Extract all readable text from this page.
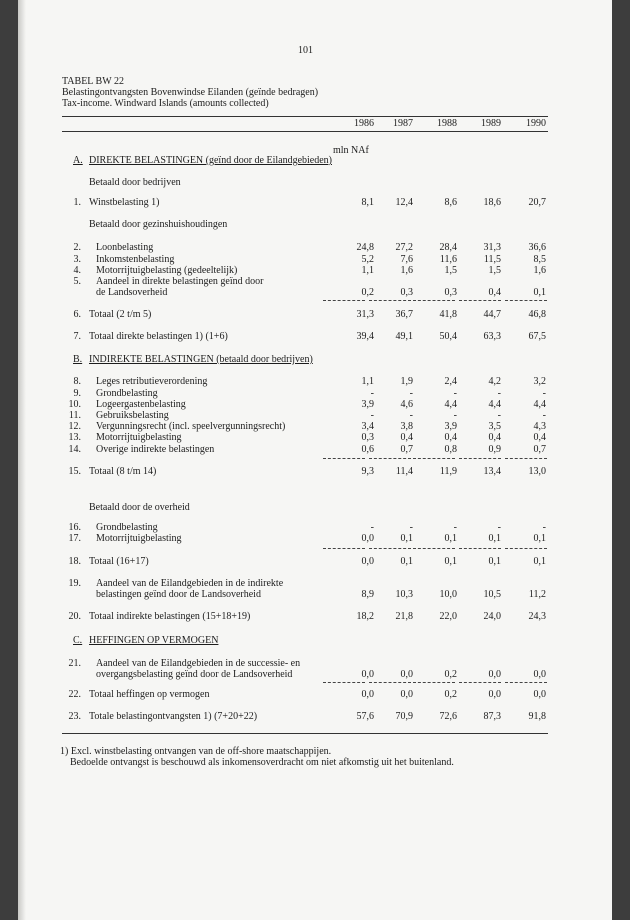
101
TABEL BW 22
Belastingontvangsten Bovenwindse Eilanden (geïnde bedragen)
Tax-income. Windward Islands (amounts collected)
1986	1987	1988	1989	1990
mln NAf
A. DIREKTE BELASTINGEN (geïnd door de Eilandgebieden)
B. INDIREKTE BELASTINGEN (betaald door bedrijven)
C. HEFFINGEN OP VERMOGEN
Betaald door bedrijven
Betaald door gezinshuishoudingen
Betaald door de overheid
1. Winstbelasting 1)	8,1	12,4	8,6	18,6	20,7
2. Loonbelasting	24,8	27,2	28,4	31,3	36,6
3. Inkomstenbelasting	5,2	7,6	11,6	11,5	8,5
4. Motorrijtuigbelasting (gedeeltelijk)	1,1	1,6	1,5	1,5	1,6
5. Aandeel in direkte belastingen geïnd door
de Landsoverheid	0,2	0,3	0,3	0,4	0,1
6. Totaal (2 t/m 5)	31,3	36,7	41,8	44,7	46,8
7. Totaal direkte belastingen 1) (1+6)	39,4	49,1	50,4	63,3	67,5
8. Leges retributieverordening	1,1	1,9	2,4	4,2	3,2
9. Grondbelasting	-	-	-	-	-
10. Logeergastenbelasting	3,9	4,6	4,4	4,4	4,4
11. Gebruiksbelasting	-	-	-	-	-
12. Vergunningsrecht (incl. speelvergunningsrecht)	3,4	3,8	3,9	3,5	4,3
13. Motorrijtuigbelasting	0,3	0,4	0,4	0,4	0,4
14. Overige indirekte belastingen	0,6	0,7	0,8	0,9	0,7
15. Totaal (8 t/m 14)	9,3	11,4	11,9	13,4	13,0
16. Grondbelasting	-	-	-	-	-
17. Motorrijtuigbelasting	0,0	0,1	0,1	0,1	0,1
18. Totaal (16+17)	0,0	0,1	0,1	0,1	0,1
19. Aandeel van de Eilandgebieden in de indirekte
belastingen geïnd door de Landsoverheid	8,9	10,3	10,0	10,5	11,2
20. Totaal indirekte belastingen (15+18+19)	18,2	21,8	22,0	24,0	24,3
21. Aandeel van de Eilandgebieden in de successie- en
overgangsbelasting geïnd door de Landsoverheid	0,0	0,0	0,2	0,0	0,0
22. Totaal heffingen op vermogen	0,0	0,0	0,2	0,0	0,0
23. Totale belastingontvangsten 1) (7+20+22)	57,6	70,9	72,6	87,3	91,8
1) Excl. winstbelasting ontvangen van de off-shore maatschappijen.
Bedoelde ontvangst is beschouwd als inkomensoverdracht om niet afkomstig uit het buitenland.
